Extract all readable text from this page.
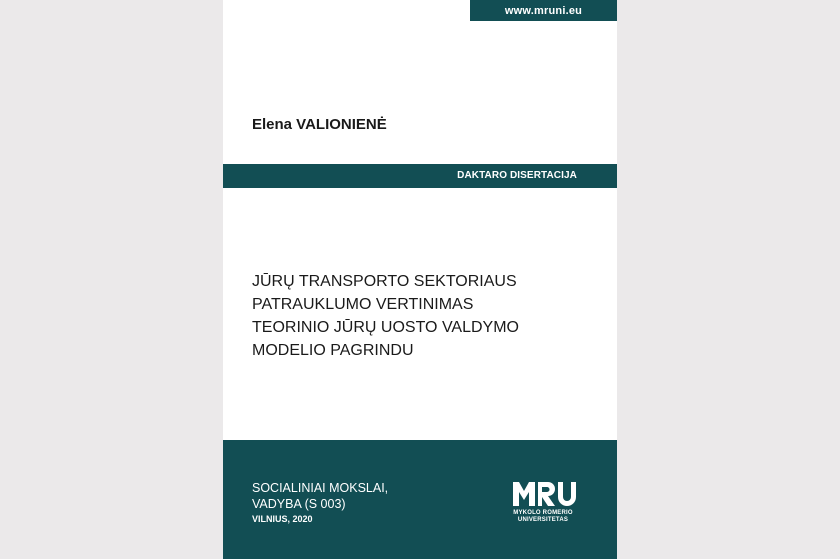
www.mruni.eu
Elena VALIONIENĖ
DAKTARO DISERTACIJA
JŪRŲ TRANSPORTO SEKTORIAUS
PATRAUKLUMO VERTINIMAS
TEORINIO JŪRŲ UOSTO VALDYMO
MODELIO PAGRINDU
SOCIALINIAI MOKSLAI,
VADYBA (S 003)
VILNIUS, 2020
MYKOLO ROMERIO
UNIVERSITETAS
